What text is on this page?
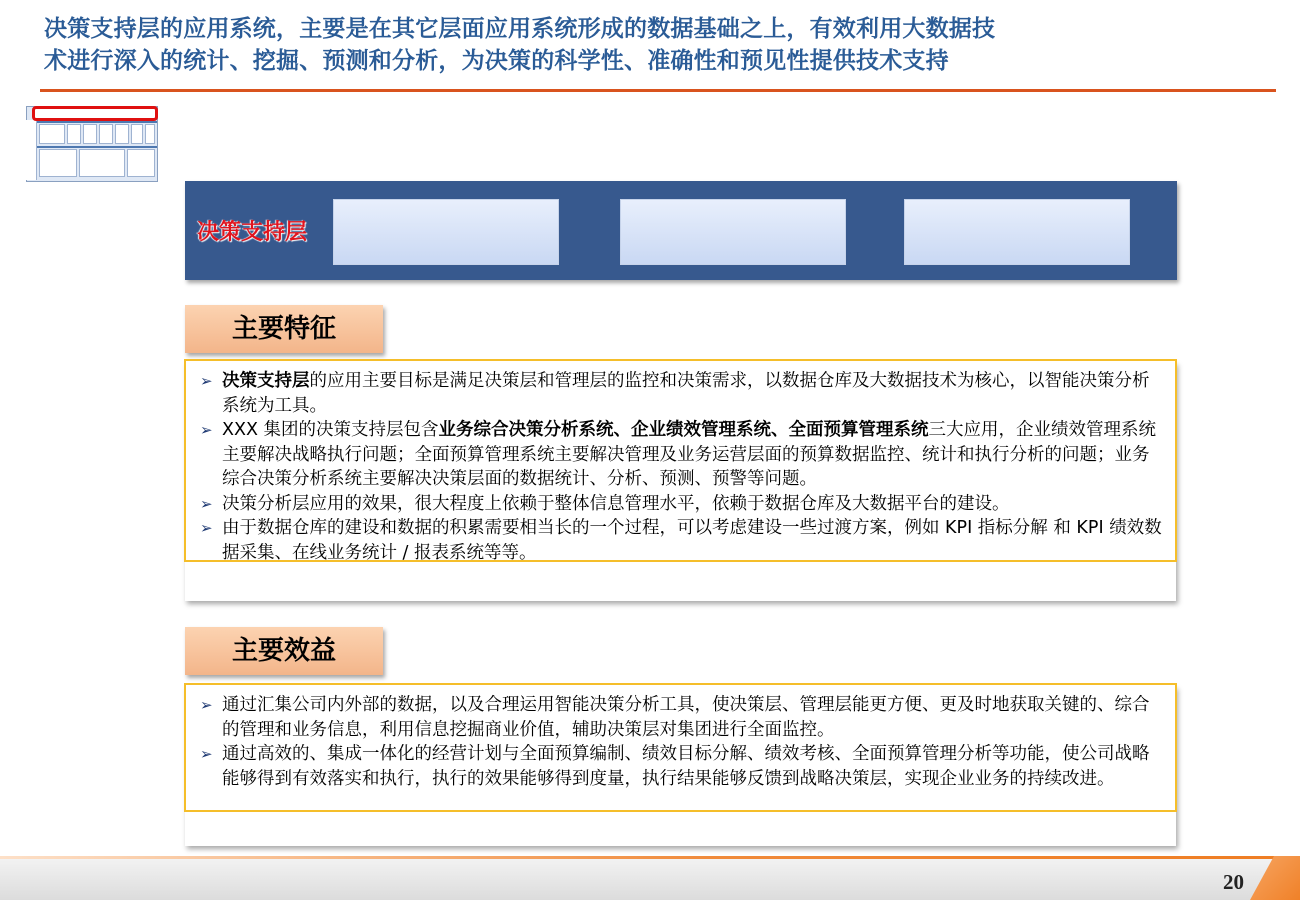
决策支持层的应用系统，主要是在其它层面应用系统形成的数据基础之上，有效利用大数据技
术进行深入的统计、挖掘、预测和分析，为决策的科学性、准确性和预见性提供技术支持
决策支持层
主要特征
➢ 决策支持层的应用主要目标是满足决策层和管理层的监控和决策需求，以数据仓库及大数据技术为核心，以智能决策分析系统为工具。
➢ XXX 集团的决策支持层包含业务综合决策分析系统、企业绩效管理系统、全面预算管理系统三大应用，企业绩效管理系统主要解决战略执行问题；全面预算管理系统主要解决管理及业务运营层面的预算数据监控、统计和执行分析的问题；业务综合决策分析系统主要解决决策层面的数据统计、分析、预测、预警等问题。
➢ 决策分析层应用的效果，很大程度上依赖于整体信息管理水平，依赖于数据仓库及大数据平台的建设。
➢ 由于数据仓库的建设和数据的积累需要相当长的一个过程，可以考虑建设一些过渡方案，例如 KPI 指标分解 和 KPI 绩效数据采集、在线业务统计 / 报表系统等等。
主要效益
➢ 通过汇集公司内外部的数据，以及合理运用智能决策分析工具，使决策层、管理层能更方便、更及时地获取关键的、综合的管理和业务信息，利用信息挖掘商业价值，辅助决策层对集团进行全面监控。
➢ 通过高效的、集成一体化的经营计划与全面预算编制、绩效目标分解、绩效考核、全面预算管理分析等功能，使公司战略能够得到有效落实和执行，执行的效果能够得到度量，执行结果能够反馈到战略决策层，实现企业业务的持续改进。
20
